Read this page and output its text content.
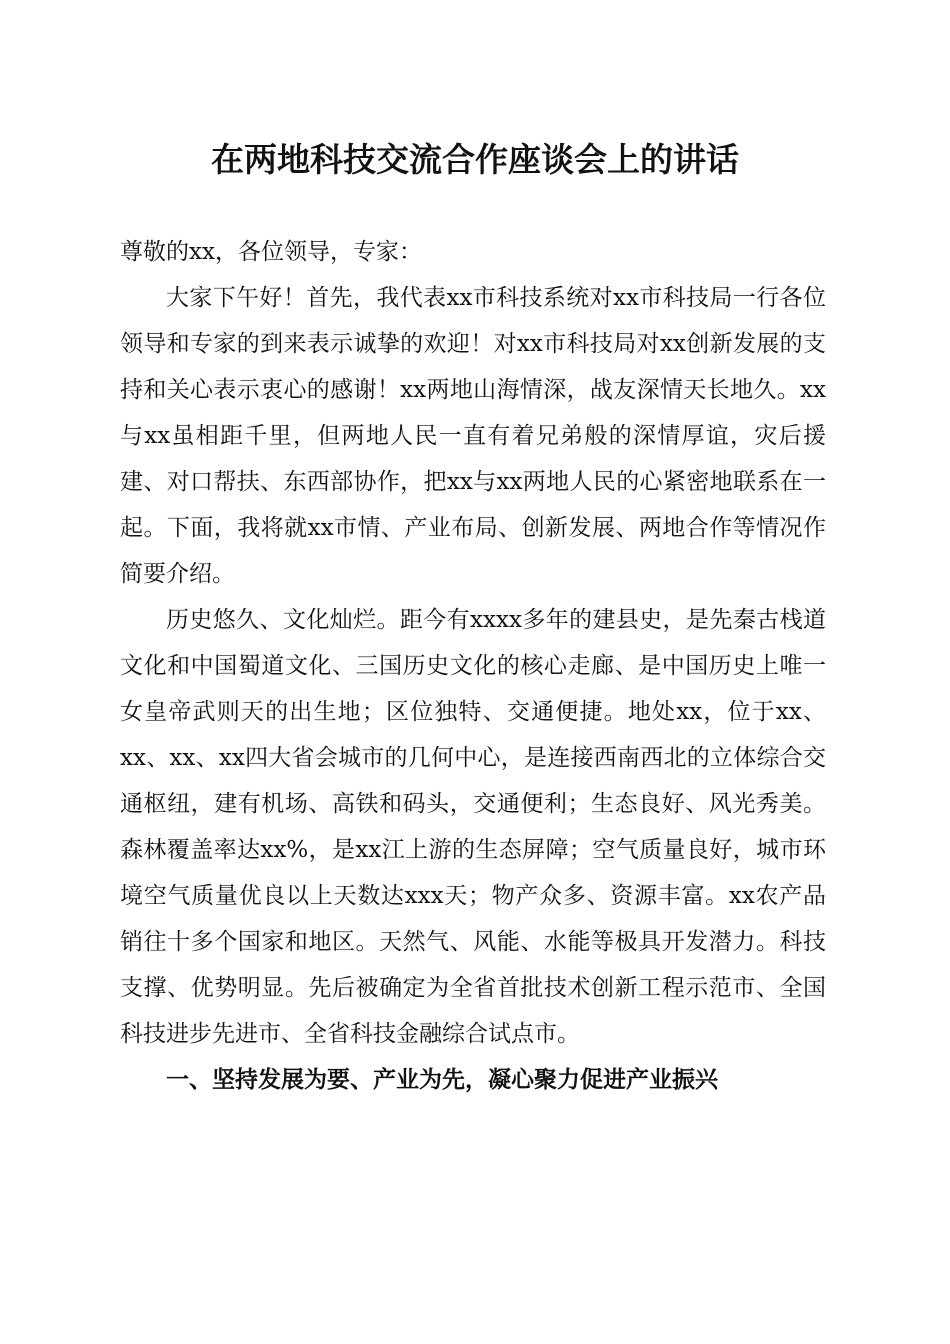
在两地科技交流合作座谈会上的讲话

尊敬的xx，各位领导，专家：

大家下午好！首先，我代表xx市科技系统对xx市科技局一行各位领导和专家的到来表示诚挚的欢迎！对xx市科技局对xx创新发展的支持和关心表示衷心的感谢！xx两地山海情深，战友深情天长地久。xx与xx虽相距千里，但两地人民一直有着兄弟般的深情厚谊，灾后援建、对口帮扶、东西部协作，把xx与xx两地人民的心紧密地联系在一起。下面，我将就xx市情、产业布局、创新发展、两地合作等情况作简要介绍。

历史悠久、文化灿烂。距今有xxxx多年的建县史，是先秦古栈道文化和中国蜀道文化、三国历史文化的核心走廊、是中国历史上唯一女皇帝武则天的出生地；区位独特、交通便捷。地处xx，位于xx、xx、xx、xx四大省会城市的几何中心，是连接西南西北的立体综合交通枢纽，建有机场、高铁和码头，交通便利；生态良好、风光秀美。森林覆盖率达xx%，是xx江上游的生态屏障；空气质量良好，城市环境空气质量优良以上天数达xxx天；物产众多、资源丰富。xx农产品销往十多个国家和地区。天然气、风能、水能等极具开发潜力。科技支撑、优势明显。先后被确定为全省首批技术创新工程示范市、全国科技进步先进市、全省科技金融综合试点市。

一、坚持发展为要、产业为先，凝心聚力促进产业振兴
